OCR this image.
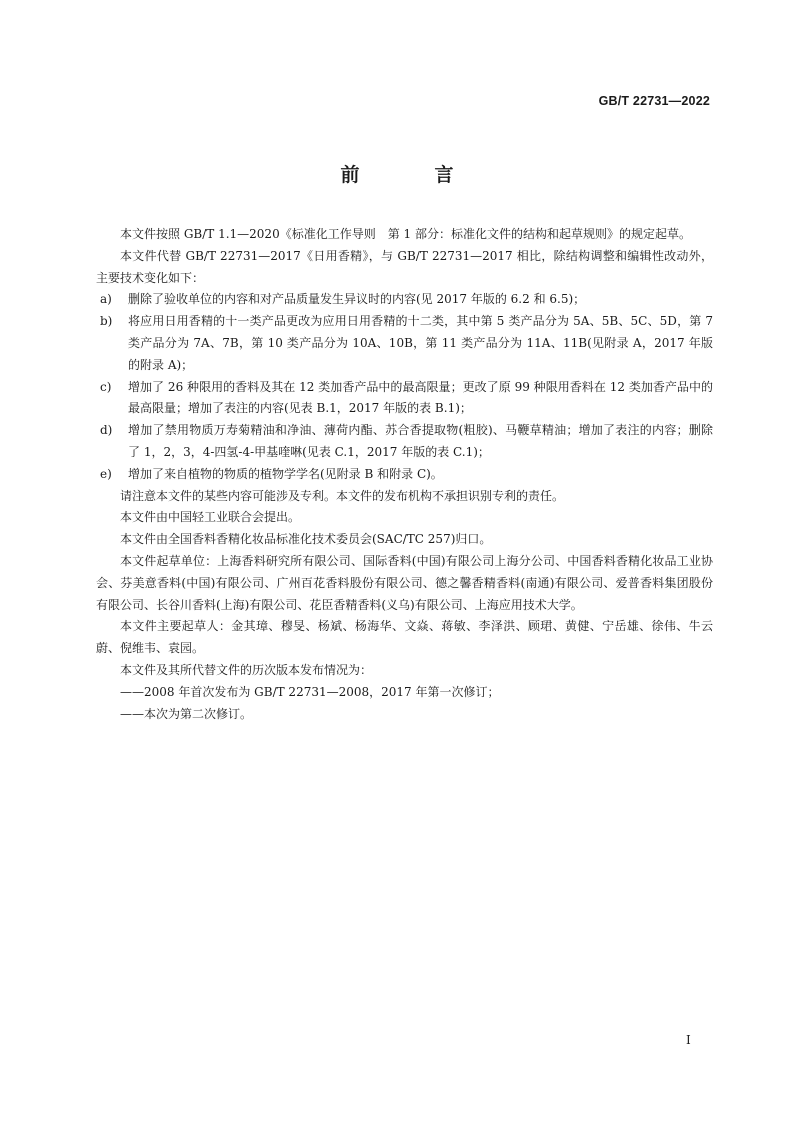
GB/T 22731—2022
前　言

本文件按照 GB/T 1.1—2020《标准化工作导则　第 1 部分：标准化文件的结构和起草规则》的规定起草。

本文件代替 GB/T 22731—2017《日用香精》，与 GB/T 22731—2017 相比，除结构调整和编辑性改动外，主要技术变化如下：

a)	删除了验收单位的内容和对产品质量发生异议时的内容(见 2017 年版的 6.2 和 6.5)；
b)	将应用日用香精的十一类产品更改为应用日用香精的十二类，其中第 5 类产品分为 5A、5B、5C、5D，第 7 类产品分为 7A、7B，第 10 类产品分为 10A、10B，第 11 类产品分为 11A、11B(见附录 A，2017 年版的附录 A)；
c)	增加了 26 种限用的香料及其在 12 类加香产品中的最高限量；更改了原 99 种限用香料在 12 类加香产品中的最高限量；增加了表注的内容(见表 B.1，2017 年版的表 B.1)；
d)	增加了禁用物质万寿菊精油和净油、薄荷内酯、苏合香提取物(粗胶)、马鞭草精油；增加了表注的内容；删除了 1，2，3，4-四氢-4-甲基喹啉(见表 C.1，2017 年版的表 C.1)；
e)	增加了来自植物的物质的植物学学名(见附录 B 和附录 C)。

请注意本文件的某些内容可能涉及专利。本文件的发布机构不承担识别专利的责任。

本文件由中国轻工业联合会提出。

本文件由全国香料香精化妆品标准化技术委员会(SAC/TC 257)归口。

本文件起草单位：上海香料研究所有限公司、国际香料(中国)有限公司上海分公司、中国香料香精化妆品工业协会、芬美意香料(中国)有限公司、广州百花香料股份有限公司、德之馨香精香料(南通)有限公司、爱普香料集团股份有限公司、长谷川香料(上海)有限公司、花臣香精香料(义乌)有限公司、上海应用技术大学。

本文件主要起草人：金其璋、穆旻、杨斌、杨海华、文焱、蒋敏、李泽洪、顾珺、黄健、宁岳雄、徐伟、牛云蔚、倪维韦、袁园。

本文件及其所代替文件的历次版本发布情况为：

——2008 年首次发布为 GB/T 22731—2008，2017 年第一次修订；

——本次为第二次修订。

I
